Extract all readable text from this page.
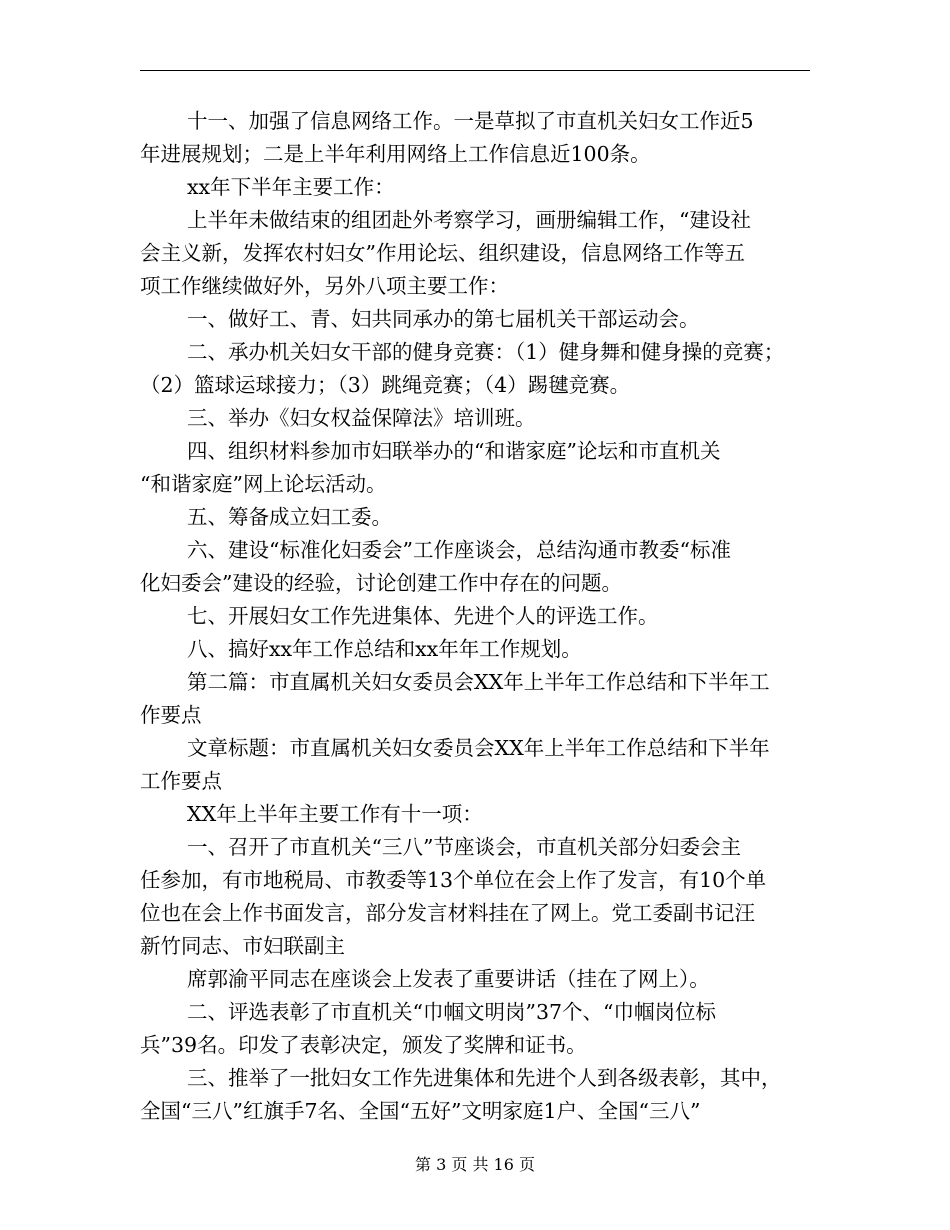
十一、加强了信息网络工作。一是草拟了市直机关妇女工作近5
年进展规划；二是上半年利用网络上工作信息近100条。
xx年下半年主要工作：
上半年未做结束的组团赴外考察学习，画册编辑工作，“建设社
会主义新，发挥农村妇女”作用论坛、组织建设，信息网络工作等五
项工作继续做好外，另外八项主要工作：
一、做好工、青、妇共同承办的第七届机关干部运动会。
二、承办机关妇女干部的健身竞赛：（1）健身舞和健身操的竞赛；
（2）篮球运球接力；（3）跳绳竞赛；（4）踢毽竞赛。
三、举办《妇女权益保障法》培训班。
四、组织材料参加市妇联举办的“和谐家庭”论坛和市直机关
“和谐家庭”网上论坛活动。
五、筹备成立妇工委。
六、建设“标准化妇委会”工作座谈会，总结沟通市教委“标准
化妇委会”建设的经验，讨论创建工作中存在的问题。
七、开展妇女工作先进集体、先进个人的评选工作。
八、搞好xx年工作总结和xx年年工作规划。
第二篇：市直属机关妇女委员会XX年上半年工作总结和下半年工
作要点
文章标题：市直属机关妇女委员会XX年上半年工作总结和下半年
工作要点
XX年上半年主要工作有十一项：
一、召开了市直机关“三八”节座谈会，市直机关部分妇委会主
任参加，有市地税局、市教委等13个单位在会上作了发言，有10个单
位也在会上作书面发言，部分发言材料挂在了网上。党工委副书记汪
新竹同志、市妇联副主
席郭渝平同志在座谈会上发表了重要讲话（挂在了网上）。
二、评选表彰了市直机关“巾帼文明岗”37个、“巾帼岗位标
兵”39名。印发了表彰决定，颁发了奖牌和证书。
三、推举了一批妇女工作先进集体和先进个人到各级表彰，其中，
全国“三八”红旗手7名、全国“五好”文明家庭1户、全国“三八”
第 3 页 共 16 页
